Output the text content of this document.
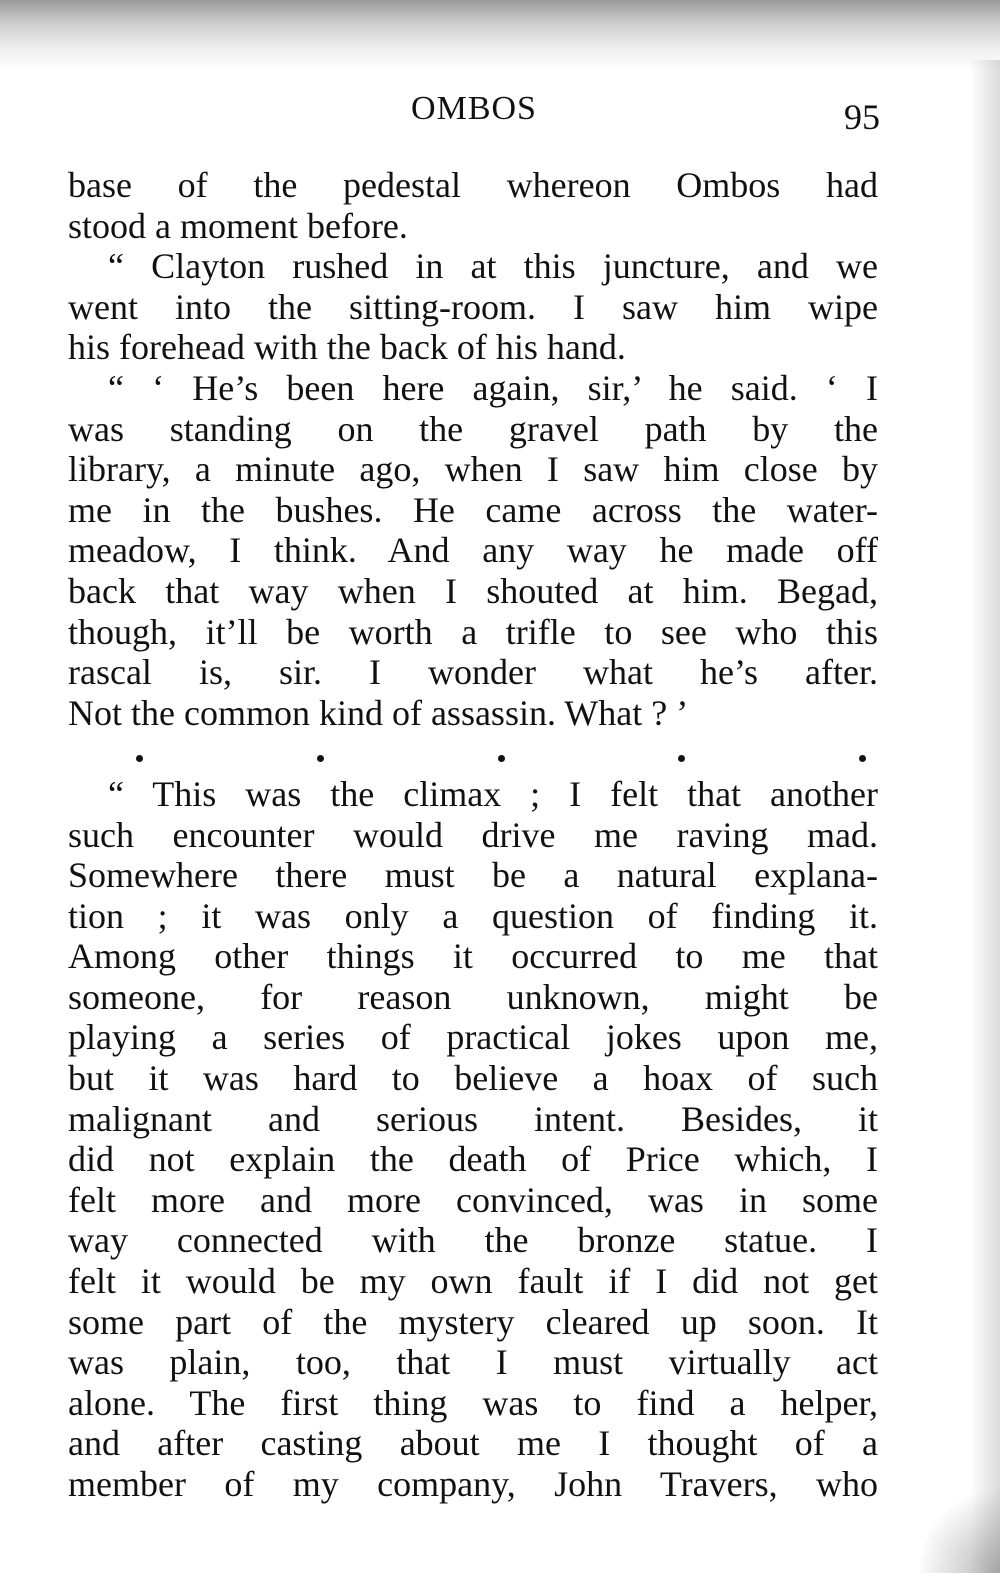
OMBOS	95
base of the pedestal whereon Ombos had
stood a moment before.
“ Clayton rushed in at this juncture, and we
went into the sitting-room. I saw him wipe
his forehead with the back of his hand.
“ ‘ He’s been here again, sir,’ he said. ‘ I
was standing on the gravel path by the
library, a minute ago, when I saw him close by
me in the bushes. He came across the water-
meadow, I think. And any way he made off
back that way when I shouted at him. Begad,
though, it’ll be worth a trifle to see who this
rascal is, sir. I wonder what he’s after.
Not the common kind of assassin. What ? ’
“ This was the climax ; I felt that another
such encounter would drive me raving mad.
Somewhere there must be a natural explana-
tion ; it was only a question of finding it.
Among other things it occurred to me that
someone, for reason unknown, might be
playing a series of practical jokes upon me,
but it was hard to believe a hoax of such
malignant and serious intent. Besides, it
did not explain the death of Price which, I
felt more and more convinced, was in some
way connected with the bronze statue. I
felt it would be my own fault if I did not get
some part of the mystery cleared up soon. It
was plain, too, that I must virtually act
alone. The first thing was to find a helper,
and after casting about me I thought of a
member of my company, John Travers, who
